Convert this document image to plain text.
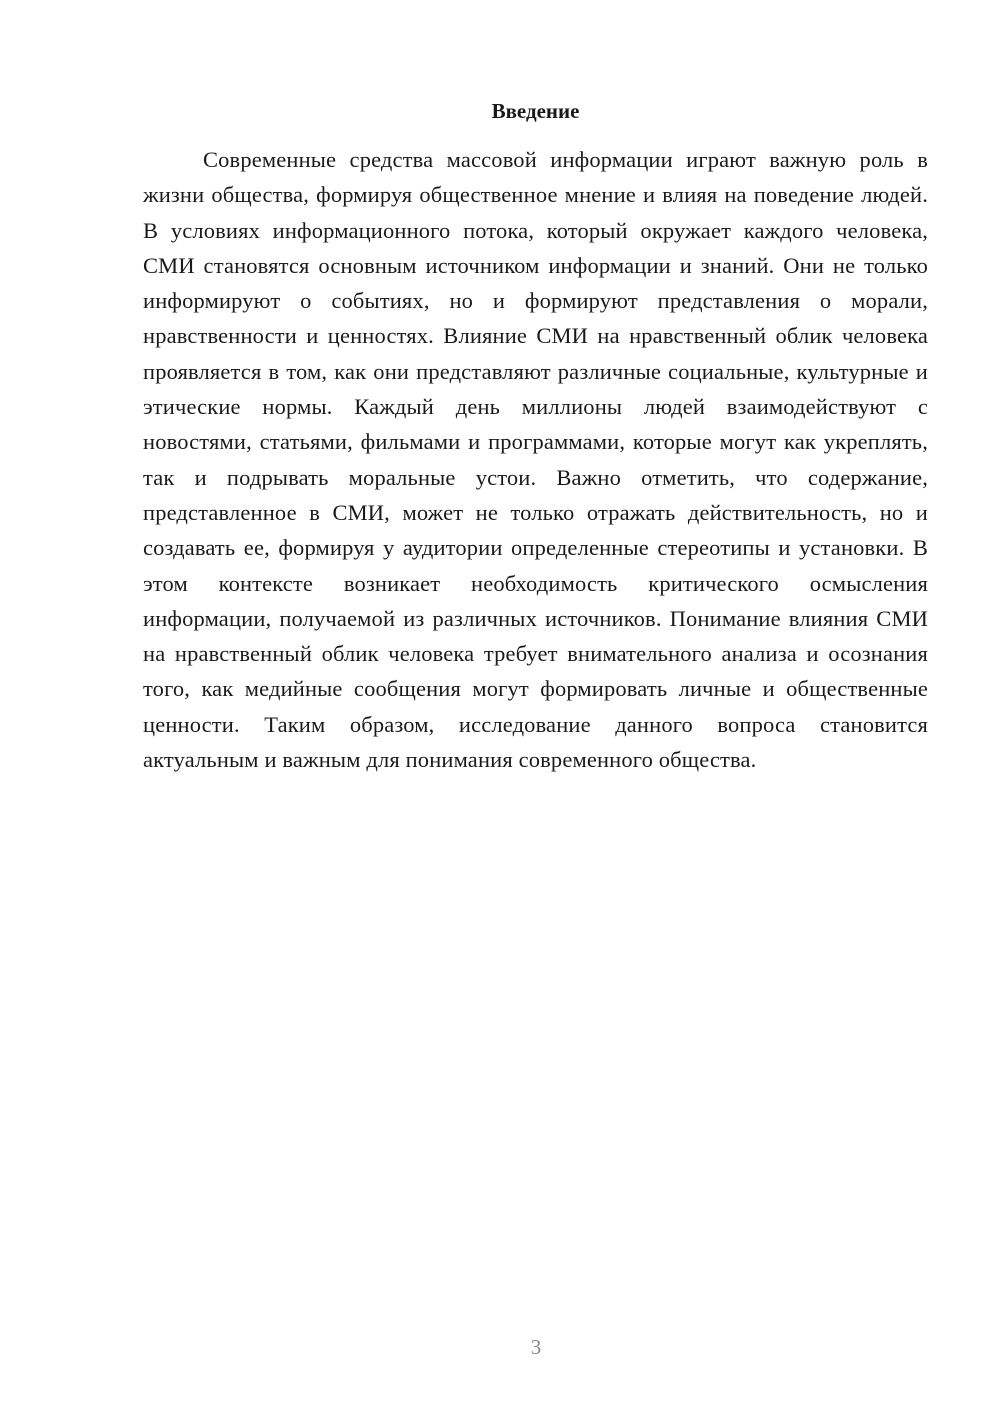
Введение

Современные средства массовой информации играют важную роль в жизни общества, формируя общественное мнение и влияя на поведение людей. В условиях информационного потока, который окружает каждого человека, СМИ становятся основным источником информации и знаний. Они не только информируют о событиях, но и формируют представления о морали, нравственности и ценностях. Влияние СМИ на нравственный облик человека проявляется в том, как они представляют различные социальные, культурные и этические нормы. Каждый день миллионы людей взаимодействуют с новостями, статьями, фильмами и программами, которые могут как укреплять, так и подрывать моральные устои. Важно отметить, что содержание, представленное в СМИ, может не только отражать действительность, но и создавать ее, формируя у аудитории определенные стереотипы и установки. В этом контексте возникает необходимость критического осмысления информации, получаемой из различных источников. Понимание влияния СМИ на нравственный облик человека требует внимательного анализа и осознания того, как медийные сообщения могут формировать личные и общественные ценности. Таким образом, исследование данного вопроса становится актуальным и важным для понимания современного общества.

3
